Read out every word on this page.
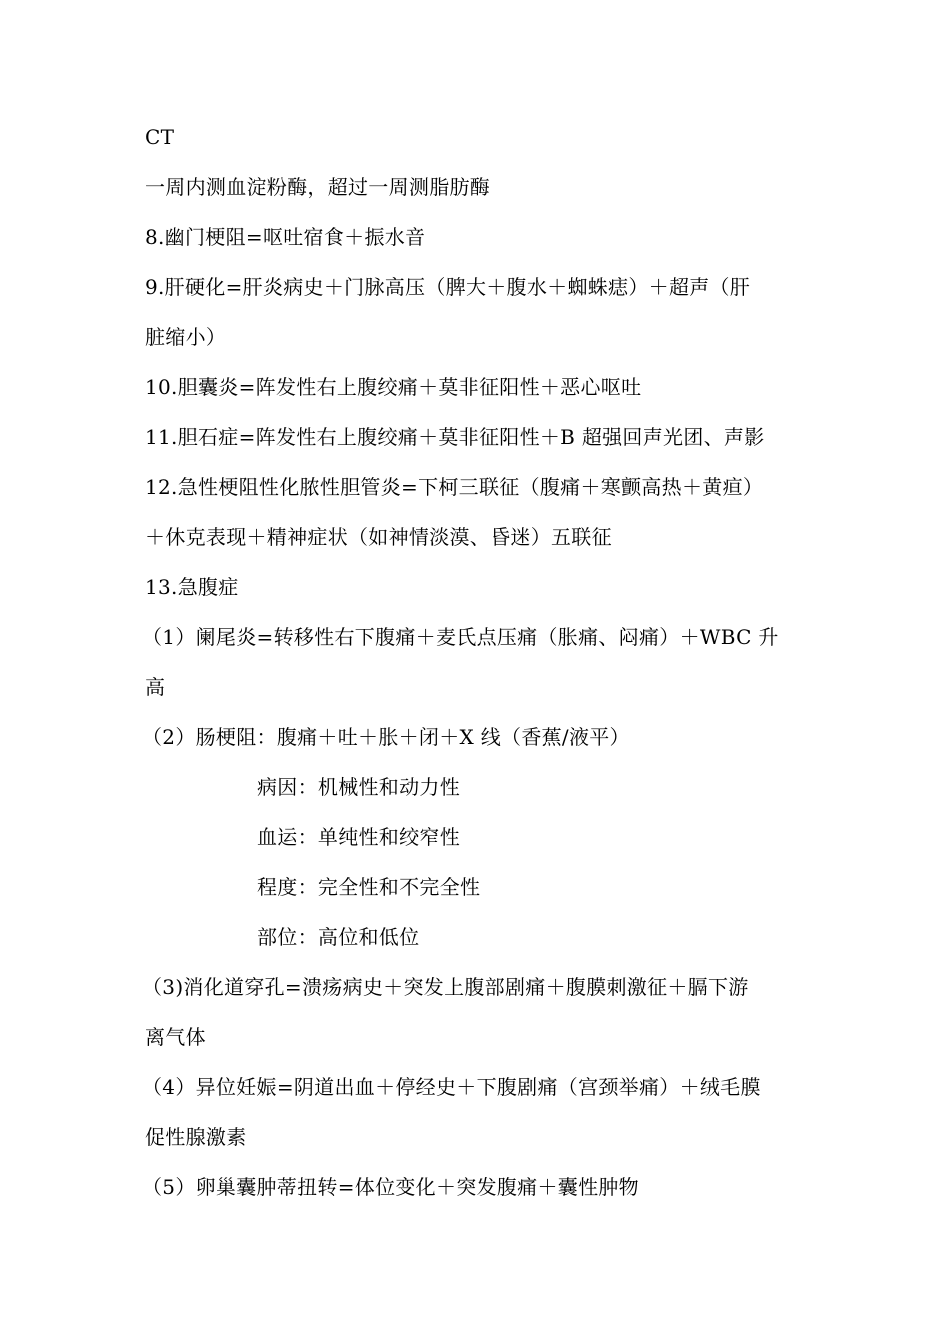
CT
一周内测血淀粉酶，超过一周测脂肪酶
8.幽门梗阻=呕吐宿食＋振水音
9.肝硬化=肝炎病史＋门脉高压（脾大＋腹水＋蜘蛛痣）＋超声（肝
脏缩小）
10.胆囊炎=阵发性右上腹绞痛＋莫非征阳性＋恶心呕吐
11.胆石症=阵发性右上腹绞痛＋莫非征阳性＋B 超强回声光团、声影
12.急性梗阻性化脓性胆管炎=下柯三联征（腹痛＋寒颤高热＋黄疸）
＋休克表现＋精神症状（如神情淡漠、昏迷）五联征
13.急腹症
（1）阑尾炎=转移性右下腹痛＋麦氏点压痛（胀痛、闷痛）＋WBC 升
高
（2）肠梗阻：腹痛＋吐＋胀＋闭＋X 线（香蕉/液平）
病因：机械性和动力性
血运：单纯性和绞窄性
程度：完全性和不完全性
部位：高位和低位
（3)消化道穿孔=溃疡病史＋突发上腹部剧痛＋腹膜刺激征＋膈下游
离气体
（4）异位妊娠=阴道出血＋停经史＋下腹剧痛（宫颈举痛）＋绒毛膜
促性腺激素
（5）卵巢囊肿蒂扭转=体位变化＋突发腹痛＋囊性肿物
